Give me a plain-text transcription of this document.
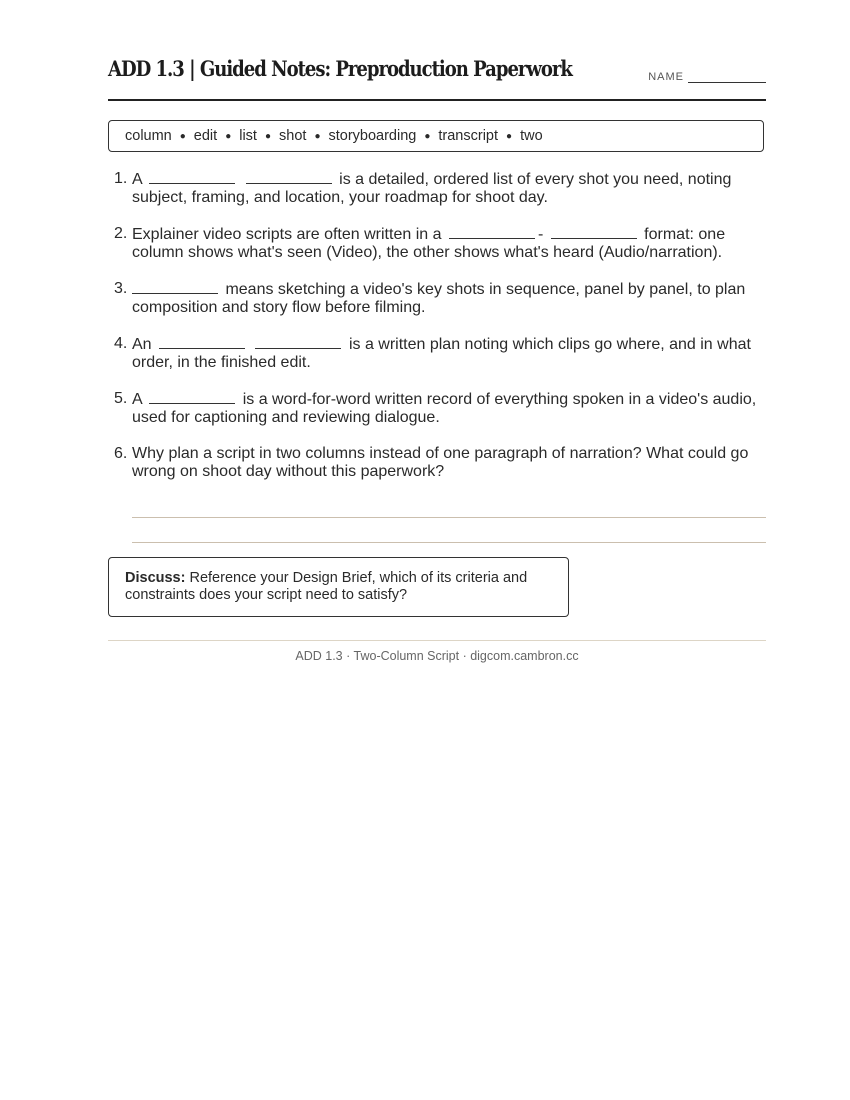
ADD 1.3 | Guided Notes: Preproduction Paperwork	NAME
column ● edit ● list ● shot ● storyboarding ● transcript ● two
1. A	is a detailed, ordered list of every shot you need, noting subject, framing, and location, your roadmap for shoot day.
2. Explainer video scripts are often written in a	-	format: one column shows what's seen (Video), the other shows what's heard (Audio/narration).
3.	means sketching a video's key shots in sequence, panel by panel, to plan composition and story flow before filming.
4. An	is a written plan noting which clips go where, and in what order, in the finished edit.
5. A	is a word-for-word written record of everything spoken in a video's audio, used for captioning and reviewing dialogue.
6. Why plan a script in two columns instead of one paragraph of narration? What could go wrong on shoot day without this paperwork?
Discuss: Reference your Design Brief, which of its criteria and constraints does your script need to satisfy?
ADD 1.3 · Two-Column Script · digcom.cambron.cc
